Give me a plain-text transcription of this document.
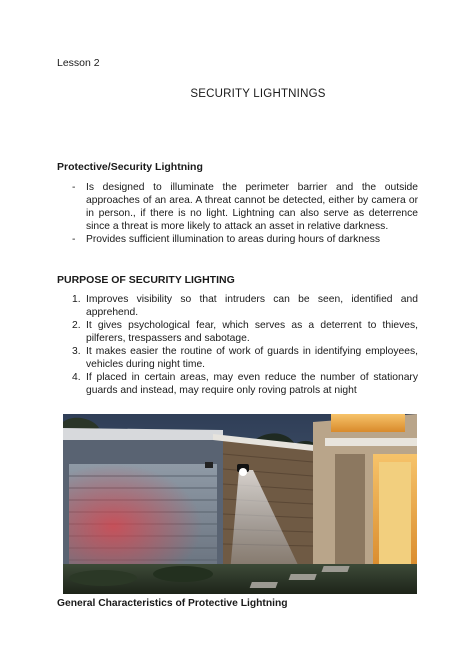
Lesson 2
SECURITY LIGHTNINGS
Protective/Security Lightning
- Is designed to illuminate the perimeter barrier and the outside approaches of an area. A threat cannot be detected, either by camera or in person., if there is no light. Lightning can also serve as deterrence since a threat is more likely to attack an asset in relative darkness.
- Provides sufficient illumination to areas during hours of darkness
PURPOSE OF SECURITY LIGHTING
1. Improves visibility so that intruders can be seen, identified and apprehend.
2. It gives psychological fear, which serves as a deterrent to thieves, pilferers, trespassers and sabotage.
3. It makes easier the routine of work of guards in identifying employees, vehicles during night time.
4. If placed in certain areas, may even reduce the number of stationary guards and instead, may require only roving patrols at night
General Characteristics of Protective Lightning
